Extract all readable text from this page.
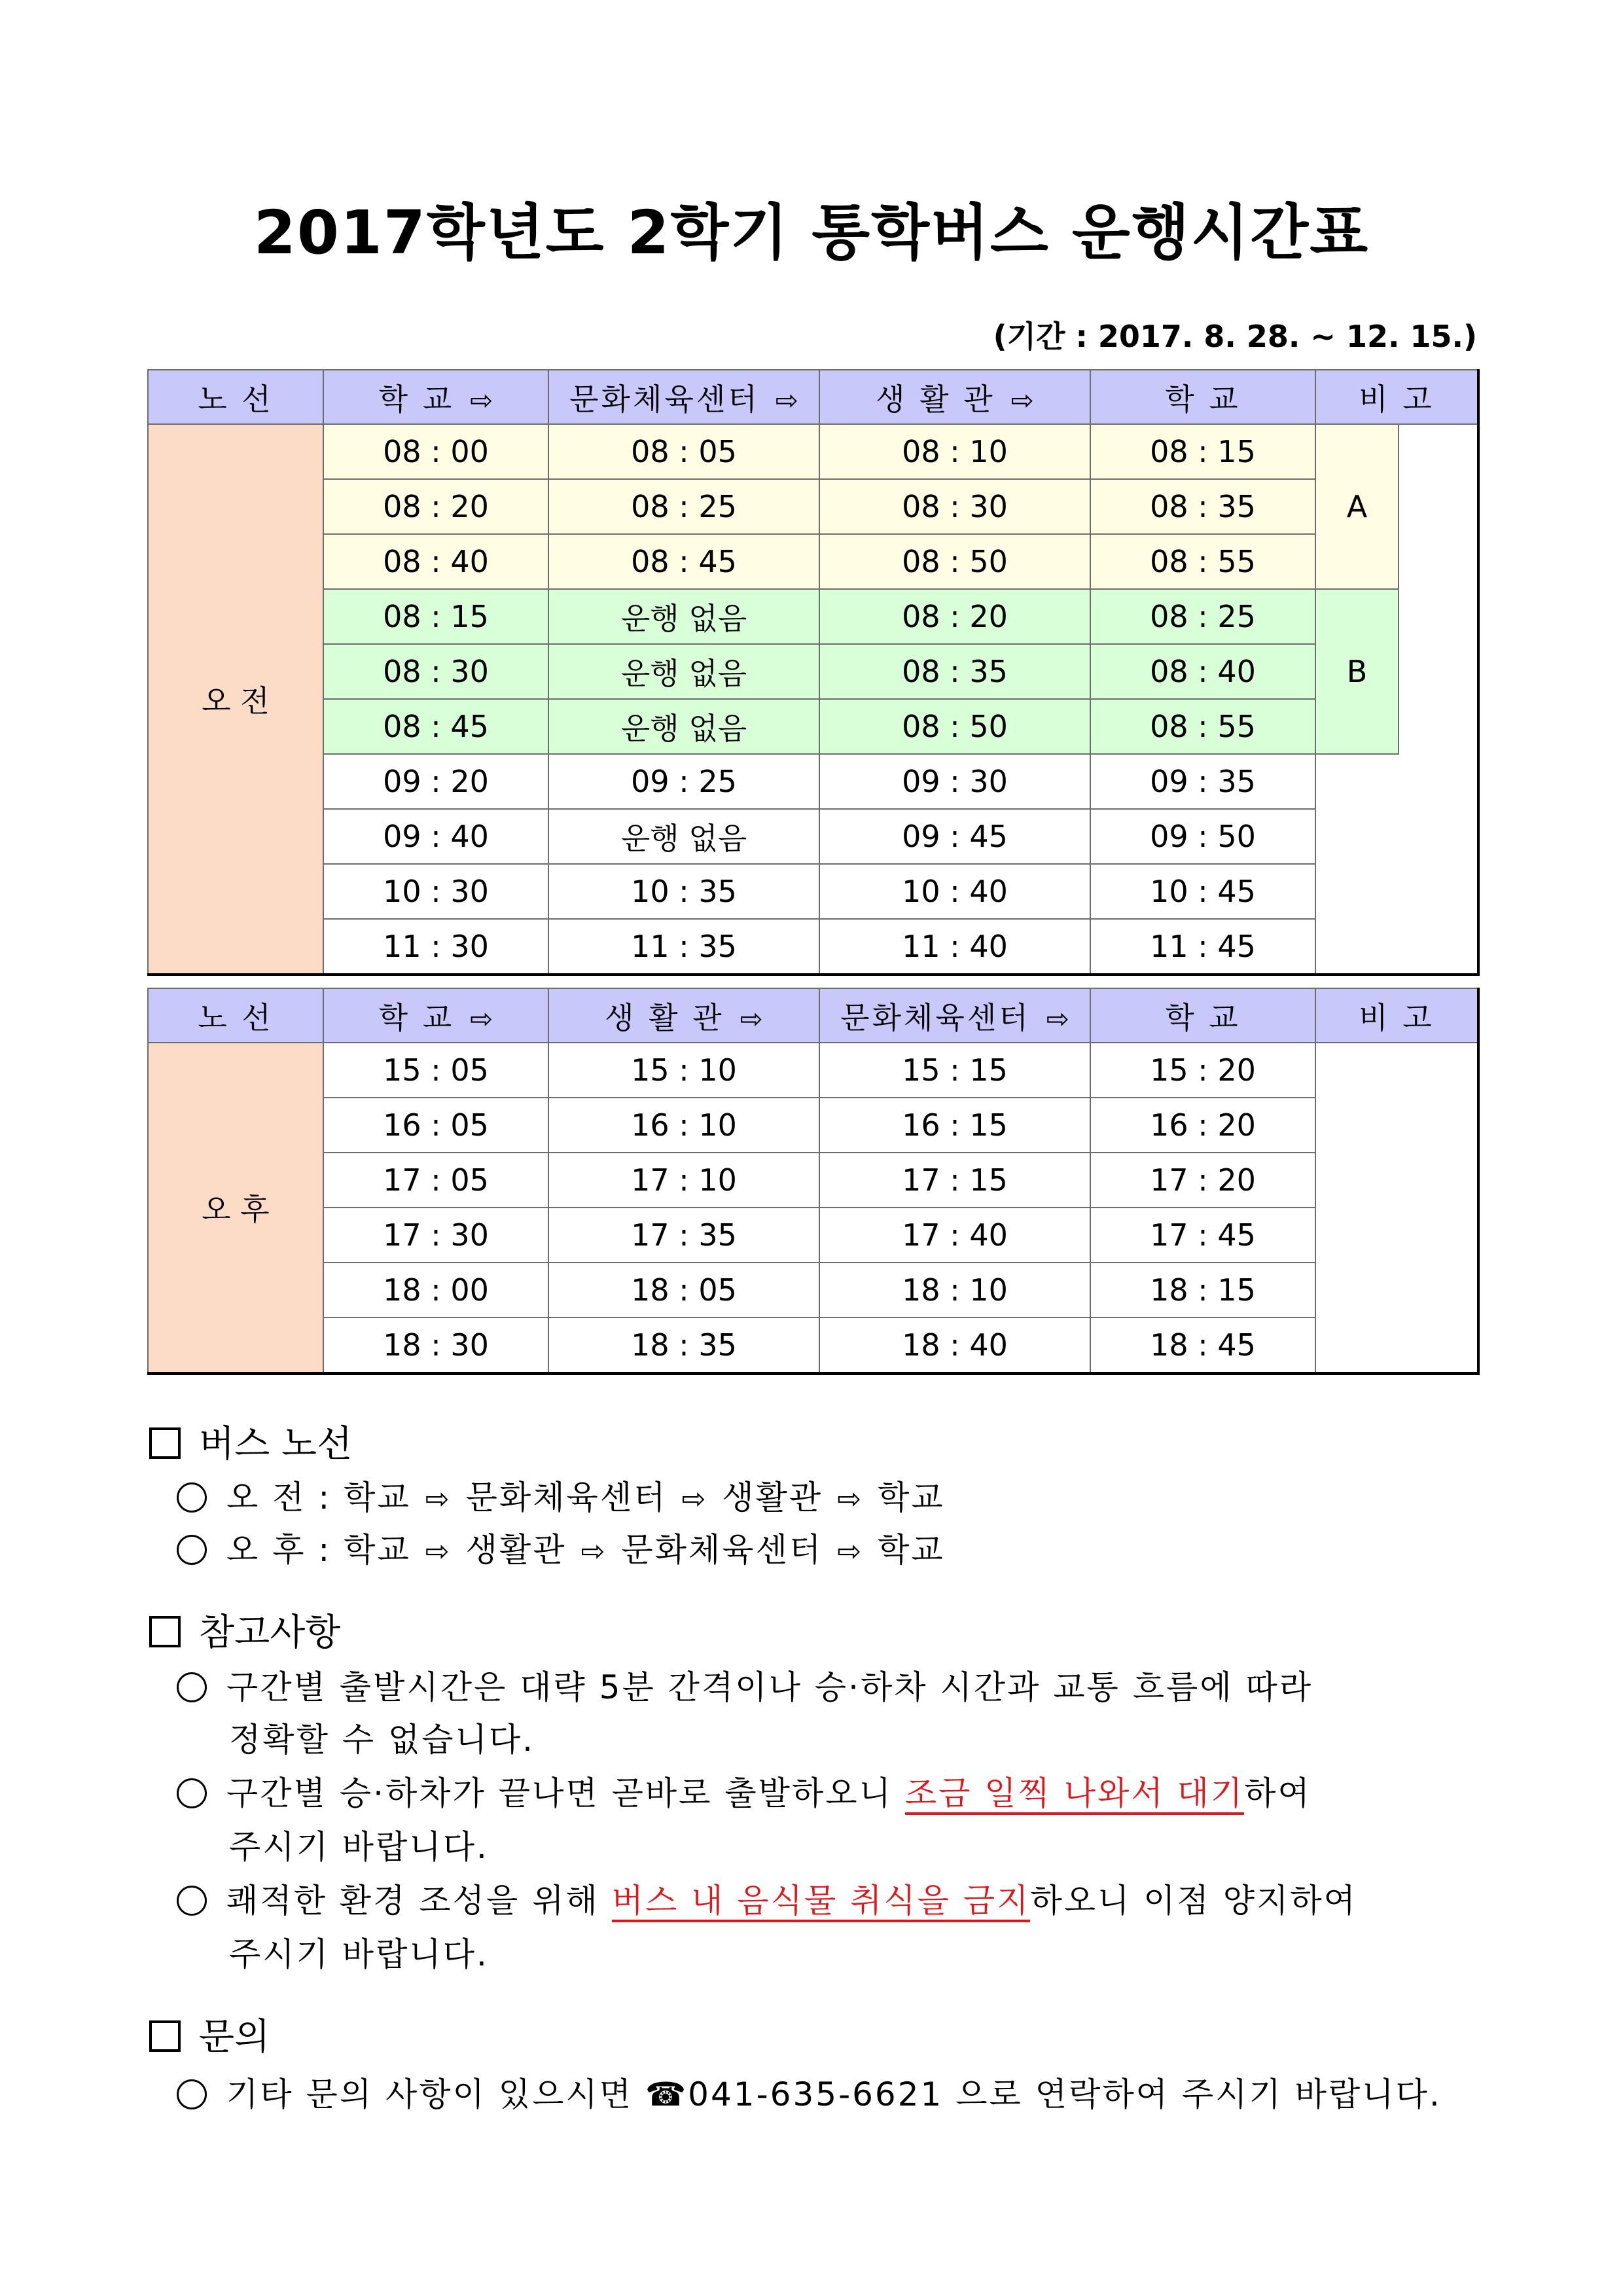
2017학년도 2학기 통학버스 운행시간표
(기간 : 2017. 8. 28. ~ 12. 15.)
노 선	학 교 ⇨	문화체육센터 ⇨	생 활 관 ⇨	학 교	비 고	
오 전	08 : 00	08 : 05	08 : 10	08 : 15	A	
	08 : 20	08 : 25	08 : 30	08 : 35		
	08 : 40	08 : 45	08 : 50	08 : 55		
	08 : 15	운행 없음	08 : 20	08 : 25	B	
	08 : 30	운행 없음	08 : 35	08 : 40		
	08 : 45	운행 없음	08 : 50	08 : 55		
	09 : 20	09 : 25	09 : 30	09 : 35		
	09 : 40	운행 없음	09 : 45	09 : 50		
	10 : 30	10 : 35	10 : 40	10 : 45		
	11 : 30	11 : 35	11 : 40	11 : 45		
노 선	학 교 ⇨	생 활 관 ⇨	문화체육센터 ⇨	학 교	비 고
오 후	15 : 05	15 : 10	15 : 15	15 : 20	
	16 : 05	16 : 10	16 : 15	16 : 20	
	17 : 05	17 : 10	17 : 15	17 : 20	
	17 : 30	17 : 35	17 : 40	17 : 45	
	18 : 00	18 : 05	18 : 10	18 : 15	
	18 : 30	18 : 35	18 : 40	18 : 45	
버스 노선
오 전 : 학교 ⇨ 문화체육센터 ⇨ 생활관 ⇨ 학교
오 후 : 학교 ⇨ 생활관 ⇨ 문화체육센터 ⇨ 학교
참고사항
구간별 출발시간은 대략 5분 간격이나 승·하차 시간과 교통 흐름에 따라
정확할 수 없습니다.
구간별 승·하차가 끝나면 곧바로 출발하오니 조금 일찍 나와서 대기하여
주시기 바랍니다.
쾌적한 환경 조성을 위해 버스 내 음식물 취식을 금지하오니 이점 양지하여
주시기 바랍니다.
문의
기타 문의 사항이 있으시면 ☎041-635-6621 으로 연락하여 주시기 바랍니다.
